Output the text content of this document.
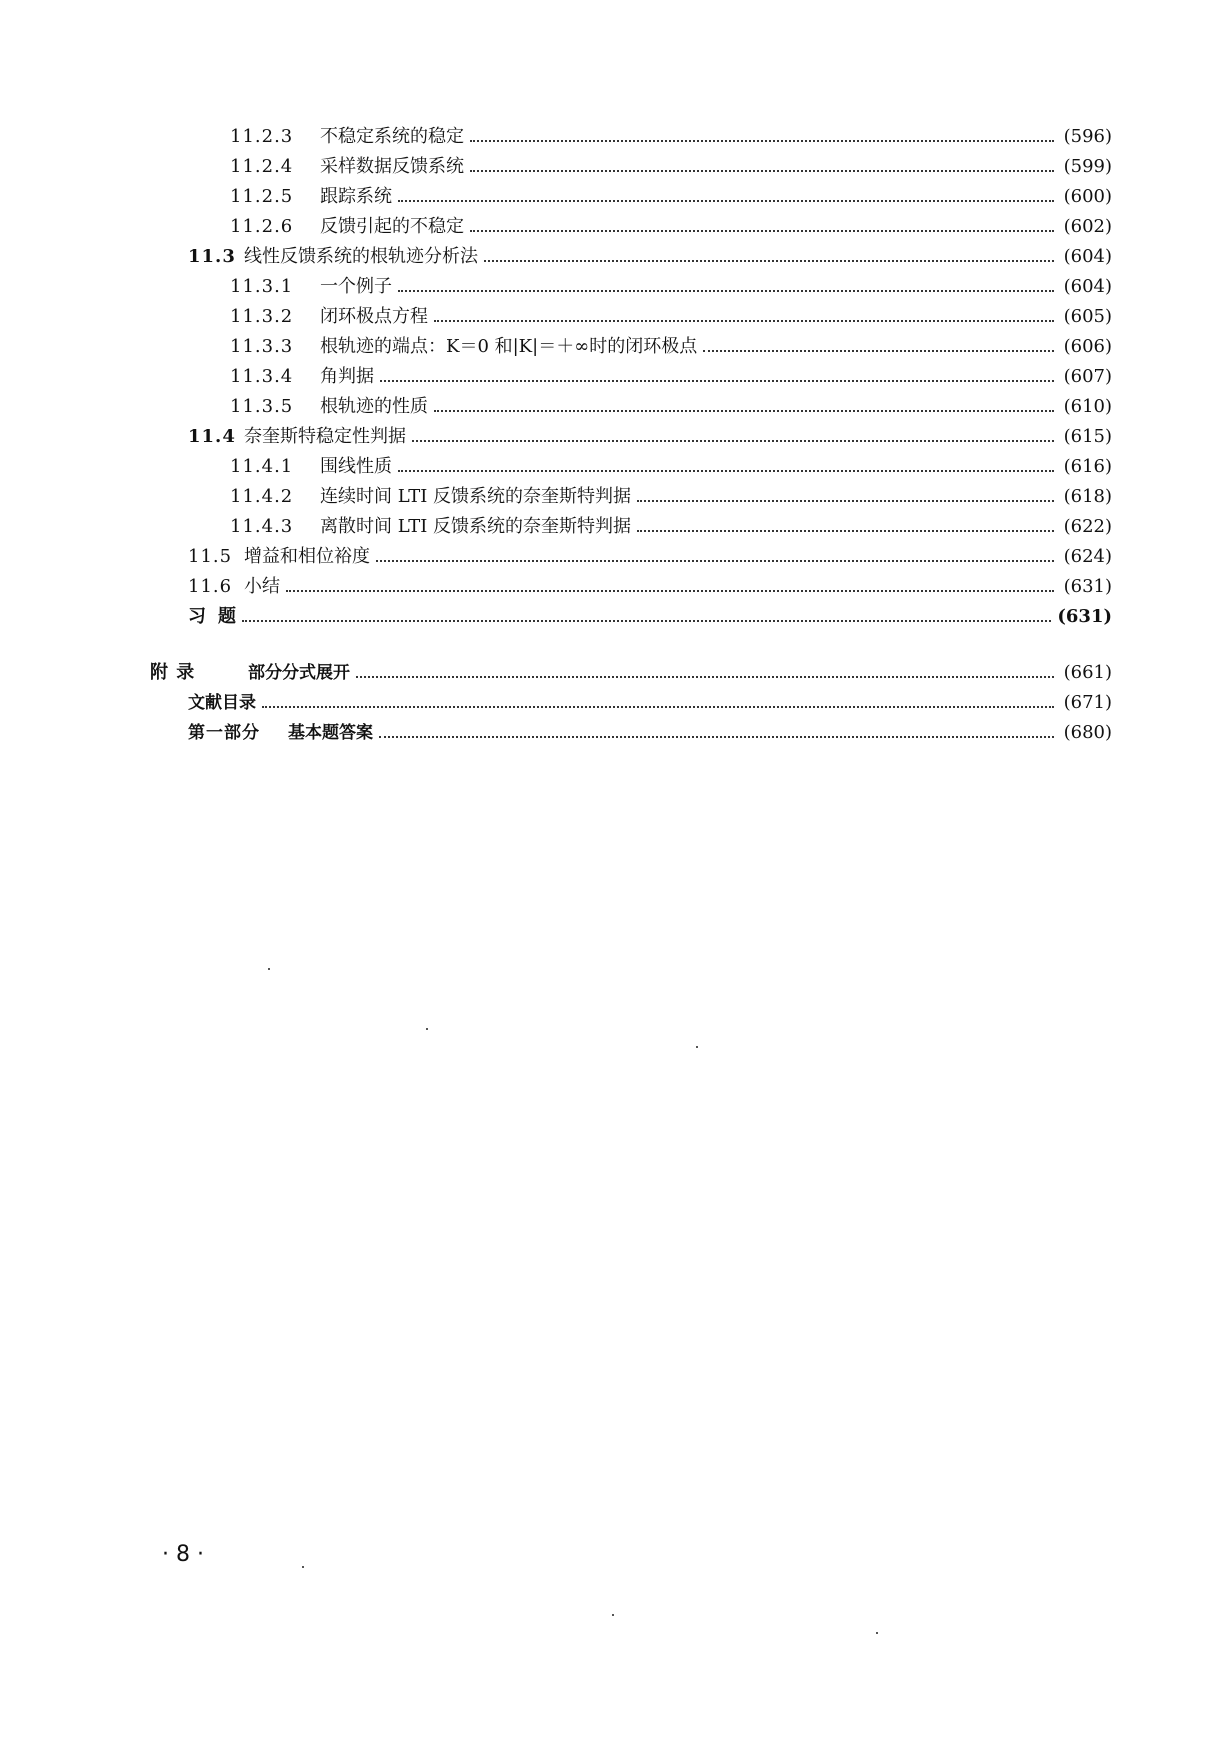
11.2.3	不稳定系统的稳定	(596)
11.2.4	采样数据反馈系统	(599)
11.2.5	跟踪系统	(600)
11.2.6	反馈引起的不稳定	(602)
11.3 线性反馈系统的根轨迹分析法	(604)
11.3.1	一个例子	(604)
11.3.2	闭环极点方程	(605)
11.3.3	根轨迹的端点：K＝0 和|K|＝＋∞时的闭环极点	(606)
11.3.4	角判据	(607)
11.3.5	根轨迹的性质	(610)
11.4 奈奎斯特稳定性判据	(615)
11.4.1	围线性质	(616)
11.4.2	连续时间 LTI 反馈系统的奈奎斯特判据	(618)
11.4.3	离散时间 LTI 反馈系统的奈奎斯特判据	(622)
11.5 增益和相位裕度	(624)
11.6 小结	(631)
习 题	(631)
附 录	部分分式展开	(661)
文献目录	(671)
第一部分	基本题答案	(680)
· 8 ·
